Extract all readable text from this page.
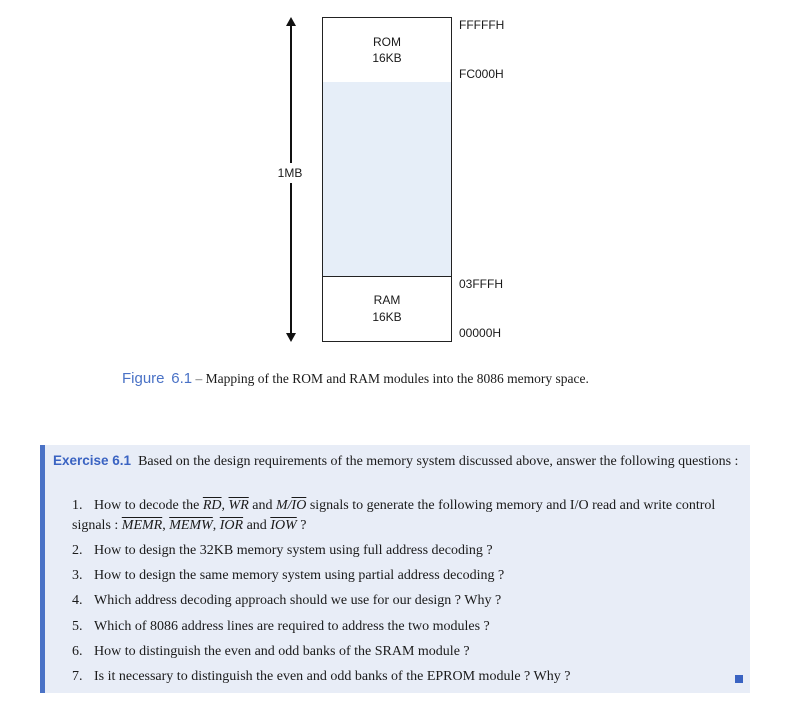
1MB
ROM
16KB
RAM
16KB
FFFFFH
FC000H
03FFFH
00000H
Figure 6.1 – Mapping of the ROM and RAM modules into the 8086 memory space.
Exercise 6.1 Based on the design requirements of the memory system discussed above, answer the following questions :
1. How to decode the $\overline{RD}$, $\overline{WR}$ and $M/\overline{IO}$ signals to generate the following memory and I/O read and write control signals : MEMR, MEMW, $\overline{IOR}$ and $\overline{IOW}$ ?
2. How to design the 32KB memory system using full address decoding ?
3. How to design the same memory system using partial address decoding ?
4. Which address decoding approach should we use for our design ? Why ?
5. Which of 8086 address lines are required to address the two modules ?
6. How to distinguish the even and odd banks of the SRAM module ?
7. Is it necessary to distinguish the even and odd banks of the EPROM module ? Why ?
